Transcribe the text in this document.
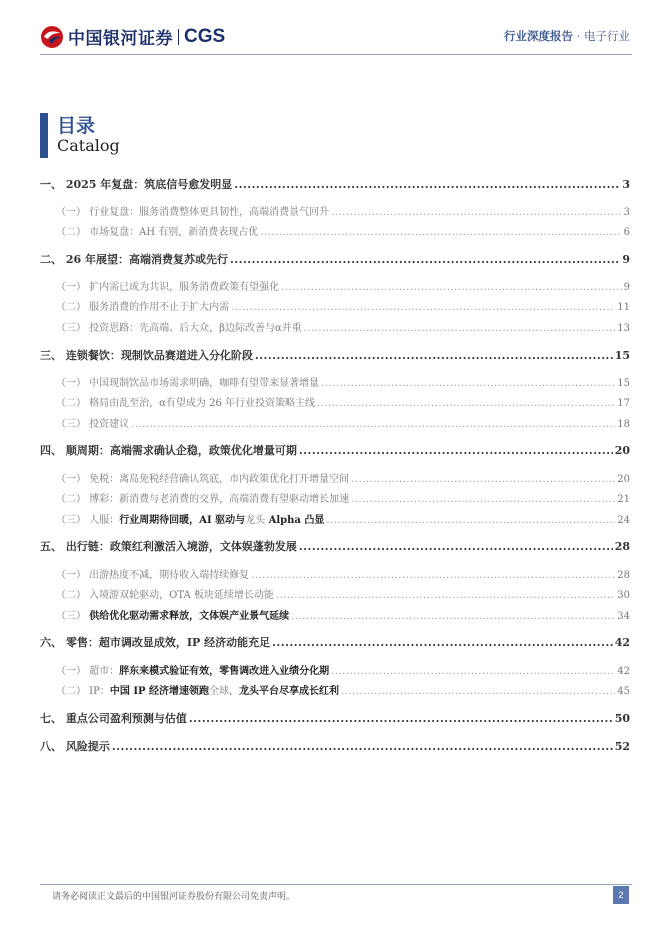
中国银河证券 CGS	行业深度报告 · 电子行业
目录
Catalog
一、 2025 年复盘：筑底信号愈发明显 .....	3
（一） 行业复盘：服务消费整体更具韧性，高端消费景气回升 .....	3
（二） 市场复盘：AH 有别，新消费表现占优 .....	6
二、 26 年展望：高端消费复苏或先行 .....	9
（一） 扩内需已成为共识，服务消费政策有望强化 .....	9
（二） 服务消费的作用不止于扩大内需 .....	11
（三） 投资思路：先高端、后大众，β边际改善与α并重 .....	13
三、 连锁餐饮：现制饮品赛道进入分化阶段 .....	15
（一） 中国现制饮品市场需求明确，咖啡有望带来显著增量 .....	15
（二） 格局由乱至治，α有望成为 26 年行业投资策略主线 .....	17
（三） 投资建议 .....	18
四、 顺周期：高端需求确认企稳，政策优化增量可期 .....	20
（一） 免税：离岛免税经营确认筑底，市内政策优化打开增量空间 .....	20
（二） 博彩：新消费与老消费的交界，高端消费有望驱动增长加速 .....	21
（三） 人服：行业周期待回暖，AI 驱动与龙头 Alpha 凸显 .....	24
五、 出行链：政策红利激活入境游，文体娱蓬勃发展 .....	28
（一） 出游热度不减，期待收入端持续修复 .....	28
（二） 入境游双轮驱动，OTA 板块延续增长动能 .....	30
（三） 供给优化驱动需求释放，文体娱产业景气延续 .....	34
六、 零售：超市调改显成效，IP 经济动能充足 .....	42
（一） 超市：胖东来模式验证有效，零售调改进入业绩分化期 .....	42
（二） IP：中国 IP 经济增速领跑全球，龙头平台尽享成长红利 .....	45
七、 重点公司盈利预测与估值 .....	50
八、 风险提示 .....	52
请务必阅读正文最后的中国银河证券股份有限公司免责声明。	2
